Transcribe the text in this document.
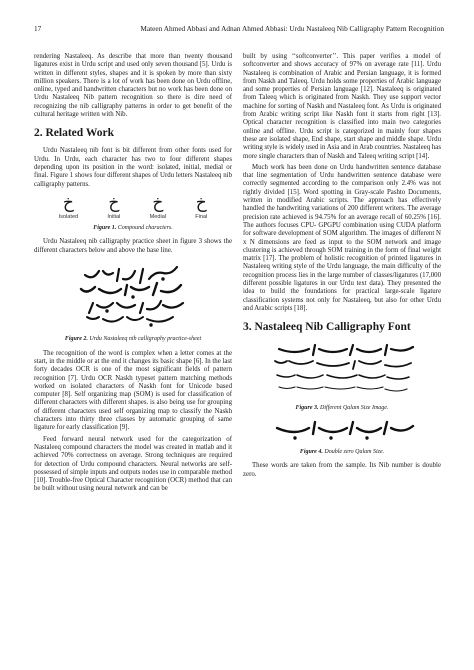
17	Mateen Ahmed Abbasi and Adnan Ahmed Abbasi: Urdu Nastaleeq Nib Calligraphy Pattern Recognition

rendering Nastaleeq. As describe that more than twenty thousand ligatures exist in Urdu script and used only seven thousand [5]. Urdu is written in different styles, shapes and it is spoken by more than sixty million speakers. There is a lot of work has been done on Urdu offline, online, typed and handwritten characters but no work has been done on Urdu Nastaleeq Nib pattern recognition so there is dire need of recognizing the nib calligraphy patterns in order to get benefit of the cultural heritage written with Nib.

2. Related Work

Urdu Nastaleeq nib font is bit different from other fonts used for Urdu. In Urdu, each character has two to four different shapes depending upon its position in the word: isolated, initial, medial or final. Figure 1 shows four different shapes of Urdu letters Nastaleeq nib calligraphy patterns.

خ
Isolated
خ
Initial
خ
Medial
خ
Final
Figure 1. Compound characters.

Urdu Nastaleeq nib calligraphy practice sheet in figure 3 shows the different characters below and above the base line.

Figure 2. Urdu Nastaleeq nib calligraphy practice-sheet

The recognition of the word is complex when a letter comes at the start, in the middle or at the end it changes its basic shape [6]. In the last forty decades OCR is one of the most significant fields of pattern recognition [7]. Urdu OCR Naskh typeset pattern matching methods worked on isolated characters of Naskh font for Unicode based computer [8]. Self organizing map (SOM) is used for classification of different characters with different shapes. is also being use for grouping of different characters used self organizing map to classify the Naskh characters into thirty three classes by automatic grouping of same ligature for early classification [9].

Feed forward neural network used for the categorization of Nastaleeq compound characters the model was created in matlab and it achieved 70% correctness on average. Strong techniques are required for detection of Urdu compound characters. Neural networks are self-possessed of simple inputs and outputs nodes use in comparable method [10]. Trouble-free Optical Character recognition (OCR) method that can be built without using neural network and can be

built by using ‘‘softconverter’’. This paper verifies a model of softconverter and shows accuracy of 97% on average rate [11]. Urdu Nastaleeq is combination of Arabic and Persian language, it is formed from Naskh and Taleeq. Urdu holds some properties of Arabic language and some properties of Persian language [12]. Nastaleeq is originated from Taleeq which is originated from Naskh. They use support vector machine for sorting of Naskh and Nastaleeq font. As Urdu is originated from Arabic writing script like Naskh font it starts from right [13]. Optical character recognition is classified into main two categories online and offline. Urdu script is categorized in mainly four shapes these are isolated shape, End shape, start shape and middle shape. Urdu writing style is widely used in Asia and in Arab countries. Nastaleeq has more single characters than of Naskh and Taleeq writing script [14].

Much work has been done on Urdu handwritten sentence database that line segmentation of Urdu handwritten sentence database were correctly segmented according to the comparison only 2.4% was not rightly divided [15]. Word spotting in Gray-scale Pashto Documents, written in modified Arabic scripts. The approach has effectively handled the handwriting variations of 200 different writers. The average precision rate achieved is 94.75% for an average recall of 60.25% [16]. The authors focuses CPU- GPGPU combination using CUDA platform for software development of SOM algorithm. The images of different N x N dimensions are feed as input to the SOM network and image clustering is achieved through SOM training in the form of final weight matrix [17]. The problem of holistic recognition of printed ligatures in Nastaleeq writing style of the Urdu language, the main difficulty of the recognition process lies in the large number of classes/ligatures (17,000 different possible ligatures in our Urdu text data). They presented the idea to build the foundations for practical large-scale ligature classification systems not only for Nastaleeq, but also for other Urdu and Arabic scripts [18].

3. Nastaleeq Nib Calligraphy Font
Figure 3. Different Qalam Size Image.
Figure 4. Double zero Qalam Size.

These words are taken from the sample. Its Nib number is double zero.
